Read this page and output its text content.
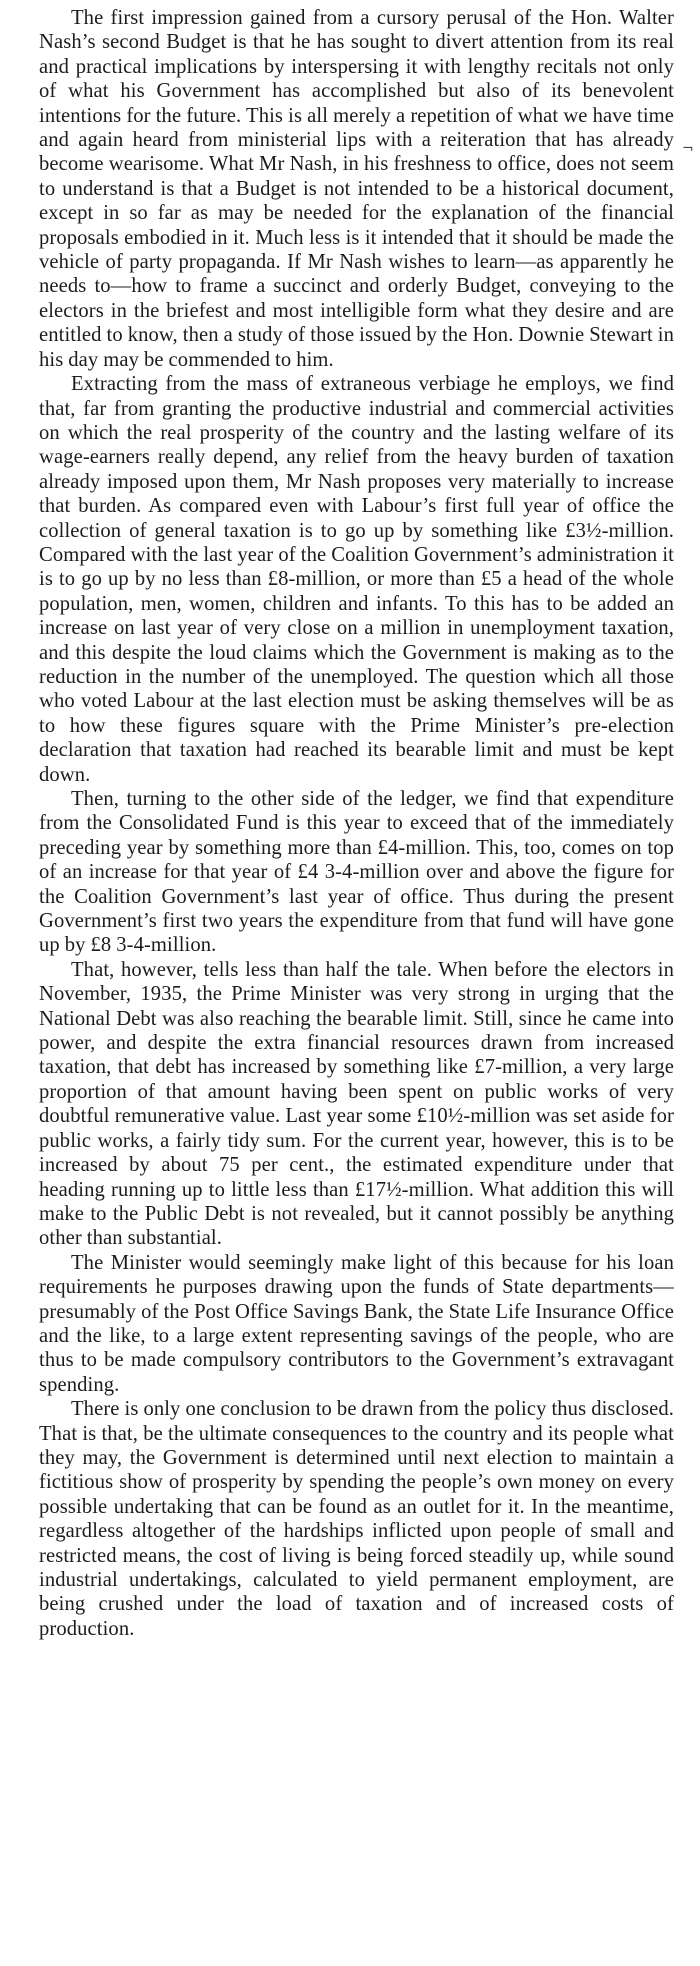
The first impression gained from a cursory perusal of the Hon. Walter Nash’s second Budget is that he has sought to divert attention from its real and practical implications by interspersing it with lengthy recitals not only of what his Government has accomplished but also of its benevolent intentions for the future. This is all merely a repetition of what we have time and again heard from ministerial lips with a reiteration that has already become wearisome. What Mr Nash, in his freshness to office, does not seem to understand is that a Budget is not intended to be a historical document, except in so far as may be needed for the explanation of the financial proposals embodied in it. Much less is it intended that it should be made the vehicle of party propaganda. If Mr Nash wishes to learn—as apparently he needs to—how to frame a succinct and orderly Budget, conveying to the electors in the briefest and most intelligible form what they desire and are entitled to know, then a study of those issued by the Hon. Downie Stewart in his day may be commended to him.

Extracting from the mass of extraneous verbiage he employs, we find that, far from granting the productive industrial and commercial activities on which the real prosperity of the country and the lasting welfare of its wage-earners really depend, any relief from the heavy burden of taxation already imposed upon them, Mr Nash proposes very materially to increase that burden. As compared even with Labour’s first full year of office the collection of general taxation is to go up by something like £3½-million. Compared with the last year of the Coalition Government’s administration it is to go up by no less than £8-million, or more than £5 a head of the whole population, men, women, children and infants. To this has to be added an increase on last year of very close on a million in unemployment taxation, and this despite the loud claims which the Government is making as to the reduction in the number of the unemployed. The question which all those who voted Labour at the last election must be asking themselves will be as to how these figures square with the Prime Minister’s pre-election declaration that taxation had reached its bearable limit and must be kept down.

Then, turning to the other side of the ledger, we find that expenditure from the Consolidated Fund is this year to exceed that of the immediately preceding year by something more than £4-million. This, too, comes on top of an increase for that year of £4 3-4-million over and above the figure for the Coalition Government’s last year of office. Thus during the present Government’s first two years the expenditure from that fund will have gone up by £8 3-4-million.

That, however, tells less than half the tale. When before the electors in November, 1935, the Prime Minister was very strong in urging that the National Debt was also reaching the bearable limit. Still, since he came into power, and despite the extra financial resources drawn from increased taxation, that debt has increased by something like £7-million, a very large proportion of that amount having been spent on public works of very doubtful remunerative value. Last year some £10½-million was set aside for public works, a fairly tidy sum. For the current year, however, this is to be increased by about 75 per cent., the estimated expenditure under that heading running up to little less than £17½-million. What addition this will make to the Public Debt is not revealed, but it cannot possibly be anything other than substantial.

The Minister would seemingly make light of this because for his loan requirements he purposes drawing upon the funds of State departments—presumably of the Post Office Savings Bank, the State Life Insurance Office and the like, to a large extent representing savings of the people, who are thus to be made compulsory contributors to the Government’s extravagant spending.

There is only one conclusion to be drawn from the policy thus disclosed. That is that, be the ultimate consequences to the country and its people what they may, the Government is determined until next election to maintain a fictitious show of prosperity by spending the people’s own money on every possible undertaking that can be found as an outlet for it. In the meantime, regardless altogether of the hardships inflicted upon people of small and restricted means, the cost of living is being forced steadily up, while sound industrial undertakings, calculated to yield permanent employment, are being crushed under the load of taxation and of increased costs of production.

¬
